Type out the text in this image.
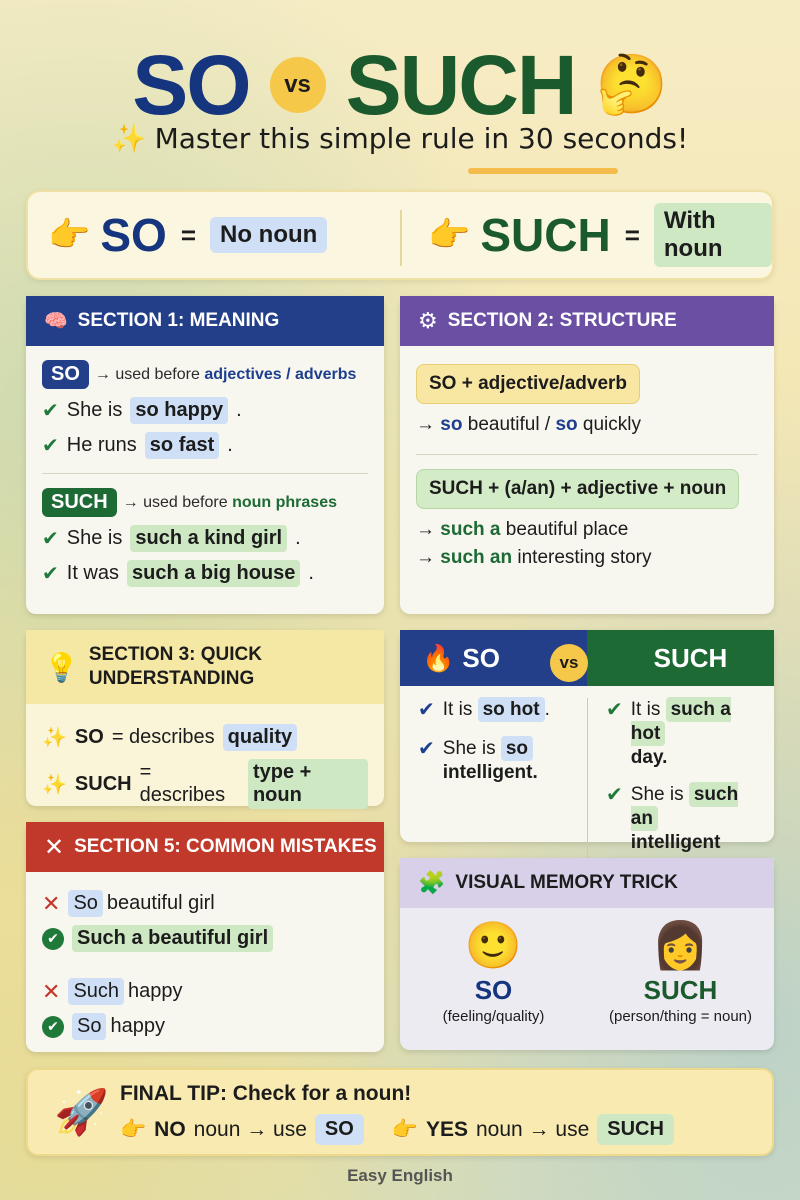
SO	vs SUCH 🤔
✨ Master this simple rule in 30 seconds!
👉 SO =	No noun	👉 SUCH =	With noun
🧠 SECTION 1: MEANING
SO → used before adjectives / adverbs
✔ She is so happy .
✔ He runs so fast .
SUCH → used before noun phrases
✔ She is such a kind girl .
✔ It was such a big house .
⚙ SECTION 2: STRUCTURE
SO + adjective/adverb
→ so beautiful / so quickly
SUCH + (a/an) + adjective + noun
→ such a beautiful place
→ such an interesting story
💡 SECTION 3: QUICK
UNDERSTANDING
✨ SO = describes quality
✨ SUCH
= describes
type + noun
🔥 SO	SUCH
vs
✔ It is so hot .
✔ She is so
intelligent.
✔ It is such a hot
day.
✔ She is such an
intelligent
✕ SECTION 5: COMMON MISTAKES
✕ So beautiful girl
✔ Such a beautiful girl
✕ Such happy
✔ So happy
🧩 VISUAL MEMORY TRICK
🙂
SO
(feeling/quality)
👩
SUCH
(person/thing = noun)
🚀 FINAL TIP: Check for a noun!
👉 NO noun → use SO	👉 YES noun → use SUCH
Easy English
